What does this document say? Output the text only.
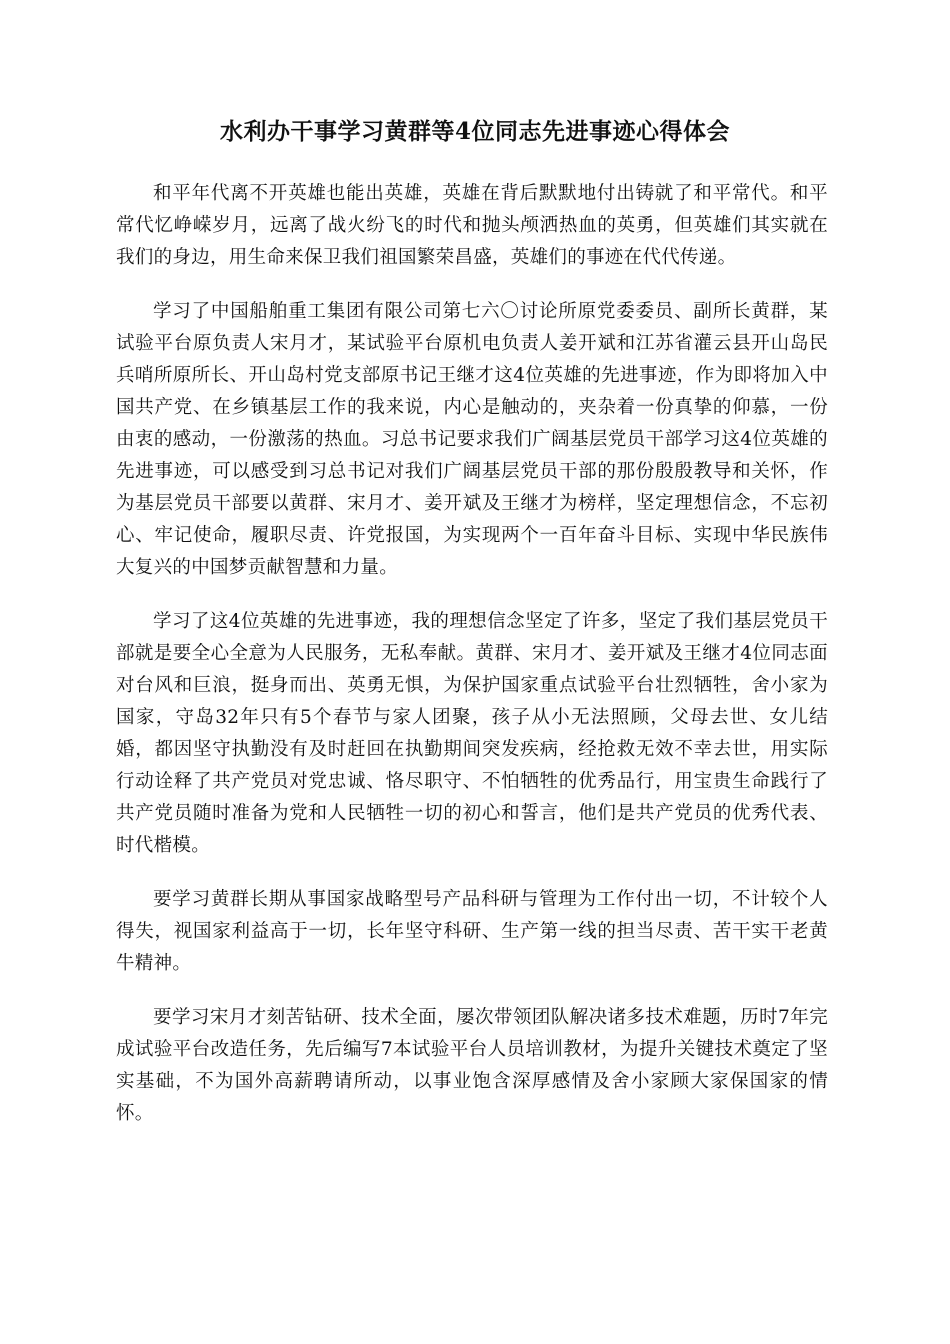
水利办干事学习黄群等4位同志先进事迹心得体会

和平年代离不开英雄也能出英雄，英雄在背后默默地付出铸就了和平常代。和平常代忆峥嵘岁月，远离了战火纷飞的时代和抛头颅洒热血的英勇，但英雄们其实就在我们的身边，用生命来保卫我们祖国繁荣昌盛，英雄们的事迹在代代传递。

学习了中国船舶重工集团有限公司第七六〇讨论所原党委委员、副所长黄群，某试验平台原负责人宋月才，某试验平台原机电负责人姜开斌和江苏省灌云县开山岛民兵哨所原所长、开山岛村党支部原书记王继才这4位英雄的先进事迹，作为即将加入中国共产党、在乡镇基层工作的我来说，内心是触动的，夹杂着一份真挚的仰慕，一份由衷的感动，一份激荡的热血。习总书记要求我们广阔基层党员干部学习这4位英雄的先进事迹，可以感受到习总书记对我们广阔基层党员干部的那份殷殷教导和关怀，作为基层党员干部要以黄群、宋月才、姜开斌及王继才为榜样，坚定理想信念，不忘初心、牢记使命，履职尽责、许党报国，为实现两个一百年奋斗目标、实现中华民族伟大复兴的中国梦贡献智慧和力量。

学习了这4位英雄的先进事迹，我的理想信念坚定了许多，坚定了我们基层党员干部就是要全心全意为人民服务，无私奉献。黄群、宋月才、姜开斌及王继才4位同志面对台风和巨浪，挺身而出、英勇无惧，为保护国家重点试验平台壮烈牺牲，舍小家为国家，守岛32年只有5个春节与家人团聚，孩子从小无法照顾，父母去世、女儿结婚，都因坚守执勤没有及时赶回在执勤期间突发疾病，经抢救无效不幸去世，用实际行动诠释了共产党员对党忠诚、恪尽职守、不怕牺牲的优秀品行，用宝贵生命践行了共产党员随时准备为党和人民牺牲一切的初心和誓言，他们是共产党员的优秀代表、时代楷模。

要学习黄群长期从事国家战略型号产品科研与管理为工作付出一切，不计较个人得失，视国家利益高于一切，长年坚守科研、生产第一线的担当尽责、苦干实干老黄牛精神。

要学习宋月才刻苦钻研、技术全面，屡次带领团队解决诸多技术难题，历时7年完成试验平台改造任务，先后编写7本试验平台人员培训教材，为提升关键技术奠定了坚实基础，不为国外高薪聘请所动，以事业饱含深厚感情及舍小家顾大家保国家的情怀。
